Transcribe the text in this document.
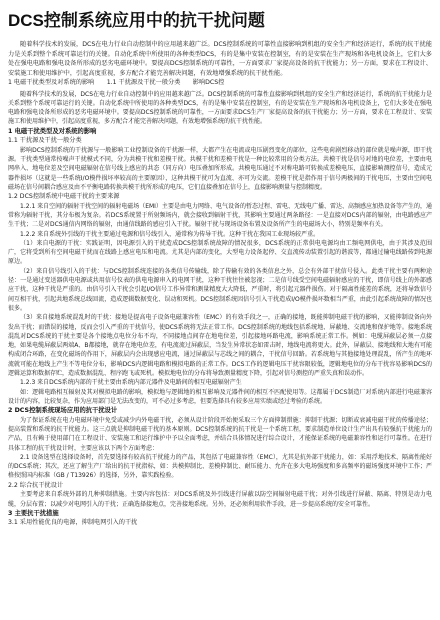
DCS控制系统应用中的抗干扰问题

随着科学技术的发展，DCS在电力行业自动控制中的应用越来越广泛。DCS控制系统的可靠性直接影响到机组的安全生产和经济运行，系统的抗干扰能力是关系到整个系统可靠运行的关键。自动化系统中所使用的各种类型DCS，有的是集中安装在控制室，有的是安装在生产现场和各电机设备上，它们大多处在强电电路和强电设备所形成的恶劣电磁环境中。要提高DCS控制系统的可靠性，一方面要求厂家提高设备的抗干扰能力；另一方面，要求在工程设计、安装施工和使用维护中，引起高度重视，多方配合才能完善解决问题，有效地增强系统的抗干扰性能。

1 电磁干扰类型及对系统的影响　　1.1 干扰源及干扰一般分类　　影响DCS控

随着科学技术的发展，DCS在电力行业自动控制中的应用越来越广泛。DCS控制系统的可靠性直接影响到机组的安全生产和经济运行，系统的抗干扰能力是关系到整个系统可靠运行的关键。自动化系统中所使用的各种类型DCS，有的是集中安装在控制室，有的是安装在生产现场和各电机设备上，它们大多处在强电电路和强电设备所形成的恶劣电磁环境中。要提高DCS控制系统的可靠性，一方面要求DCS生产厂家提高设备的抗干扰能力；另一方面，要求在工程设计、安装施工和使用维护中，引起高度重视，多方配合才能完善解决问题，有效地增强系统的抗干扰性能。

1 电磁干扰类型及对系统的影响

1.1 干扰源及干扰一般分类

影响DCS控制系统的干扰源与一般影响工业控制设备的干扰源一样，大都产生在电流或电压剧烈变化的部位，这些电荷剧烈移动的部位就是噪声源，即干扰源。干扰类型通常按噪声干扰模式不同，分为共模干扰和差模干扰。共模干扰和差模干扰是一种比较常用的分类方法。共模干扰是信号对地的电位差，主要由电网串入、地电位差及空间电磁辐射在信号线上感应的共态（同方向）电压叠加所形成。共模电压通过不对称电路可转换成差模电压，直接影响测控信号，造成元器件损坏（这就是一些系统I/O模件损坏率较高的主要原因），这种共模干扰可为直流、亦可为交流。差模干扰是指作用于信号两极间的干扰电压，主要由空间电磁场在信号间耦合感应及由不平衡电路转换共模干扰所形成的电压，它们直接叠加在信号上，直接影响测量与控制精度。

1.2 DCS控制系统中电磁干扰的主要来源

1.2.1 来自空间的辐射干扰空间的辐射电磁场（EMI）主要是由电力网络、电气设备的暂态过程、雷电、无线电广播、雷达、高频感应加热设备等产生的，通常称为辐射干扰，其分布极为复杂。若DCS系统置于所射频场内，就会接收到辐射干扰，其影响主要通过两条路径：一是直接对DCS内部的辐射，由电路感应产生干扰；二是对DCS通信内网络的辐射，由通信线路的感应引入干扰。辐射干扰与现场设备布置及设备所产生的电磁场大小，特别是频率有关。

1.2.2 来自系统外引线的干扰主要通过电源和信号线引入，通常称为传导干扰。这种干扰在我国工业现场较严重。

（1）来自电源的干扰：实践证明，因电源引入的干扰造成DCS控制系统故障的情况很多，DCS系统的正常供电电源均由工频电网供电，由于其涉及范围广，它将受到所有空间电磁干扰而在线路上感应电压和电流。尤其是内部的变化，大型电力设备起停、交直流传动装置引起的谐波等，都通过输电线路传到电源原边。

（2）来自信号线引入的干扰：与DCS控制系统连接的各类信号传输线，除了传输有效的各类信息之外，总会有外部干扰信号侵入。此类干扰主要有两种途径：一是通过变送器供电电源或共用信号仪表的供电电源串入的电网干扰，这种干扰往往被忽视；二是信号线受空间电磁辐射感应的干扰，即信号线上的外部感应干扰，这种干扰是严重的。由信号引入干扰会引起I/O信号工作异常和测量精度大大降低，严重时，将引起元器件损伤。对于隔离性能差的系统，还将导致信号间互相干扰，引起共地系统总线回流，造成逻辑数据变化、误动和死机。DCS控制系统因信号引入干扰造成I/O模件损坏数相当严重，由此引起系统故障的情况也很多。

（3）来自接地系统混乱时的干扰：接地是提高电子设备电磁兼容性（EMC）的有效手段之一，正确的接地，既能抑制电磁干扰的影响，又能抑制设备向外发出干扰；而错误的接地，反而会引入严重的干扰信号，使DCS系统将无法正常工作。DCS控制系统的地线包括系统地、屏蔽地、交流地和保护地等。接地系统混乱对DCS系统的干扰主要是各个接地点电位分布不均，不同接地点间存在地电位差，引起接地环路电流，影响系统正常工作。例如：电缆屏蔽层必须一点接地，如果电缆屏蔽层两端A、B都接地，就存在地电位差，有电流流过屏蔽层，当发生异常状态如雷击时，地线电流将更大。此外，屏蔽层、接地线和大地有可能构成闭合环路，在变化磁场的作用下，屏蔽层内会出现感应电流，通过屏蔽层与芯线之间的耦合，干扰信号回路。若系统地与其他接地处理混乱，所产生的地环流就可能在地线上产生不等电位分布，影响DCS内逻辑电路和模拟电路的正常工作。DCS工作的逻辑电压干扰容限较低，逻辑地电位的分布干扰容易影响DCS的逻辑运算和数据存贮，造成数据混乱、程序跑飞或死机。模拟地电位的分布将导致测量精度下降，引起对信号测控的严重失真和误动作。

1.2.3 来自DCS系统内部的干扰主要由系统内部元器件及电路间的相互电磁辐射产生

如：逻辑电路相互辐射及其对模拟电路的影响，模拟地与逻辑地的相互影响及元器件间的相互不匹配使用等。这都属于DCS制造厂对系统内部进行电磁兼容设计的内容，比较复杂，作为应用部门是无法改变的，可不必过多考虑，但要选择具有较多应用实绩或经过考验的系统。

2 DCS控制系统现场应用的抗干扰设计

为了保证系统在电力电磁环境中免受或减少内外电磁干扰，必须从设计阶段开始便采取三个方面抑制措施：抑制干扰源；切断或衰减电磁干扰的传播途径；提高装置和系统的抗干扰能力。这三点就是抑制电磁干扰的基本原则。DCS控制系统的抗干扰是一个系统工程，要求制造单位设计生产出具有较强抗干扰能力的产品，且有赖于使用部门在工程设计、安装施工和运行维护中予以全面考虑，并结合具体情况进行综合设计，才能保证系统的电磁兼容性和运行可靠性。在进行具体工程的抗干扰设计时，主要应该以下两个方面考虑：

2.1 设备选型在选择设备时，首先要选择有较高抗干扰能力的产品，其包括了电磁兼容性（EMC），尤其是抗外部干扰能力，如：采用浮地技术、隔离性能好的DCS系统；其次，还应了解生产厂给出的抗干扰指标，如：共模抑制比、差模抑制比、耐压能力、允许在多大电场强度和多高频率的磁场强度环境中工作；严格按照国内标准（GB / T13926）的选择，另外，靠实践检验。

2.2 综合抗干扰设计

主要考虑来自系统外部的几种抑制措施。主要内容包括：对DCS系统及外引线进行屏蔽以防空间辐射电磁干扰；对外引线进行屏蔽、隔离、特别是动力电缆，分层布置；以减少对电网引入的干扰；正确选择接地点，完善接地系统。另外，还必须利用软件手段，进一步提高系统的安全可靠性。

3 主要抗干扰措施

3.1 采用性能优良的电源，抑制电网引入的干扰
